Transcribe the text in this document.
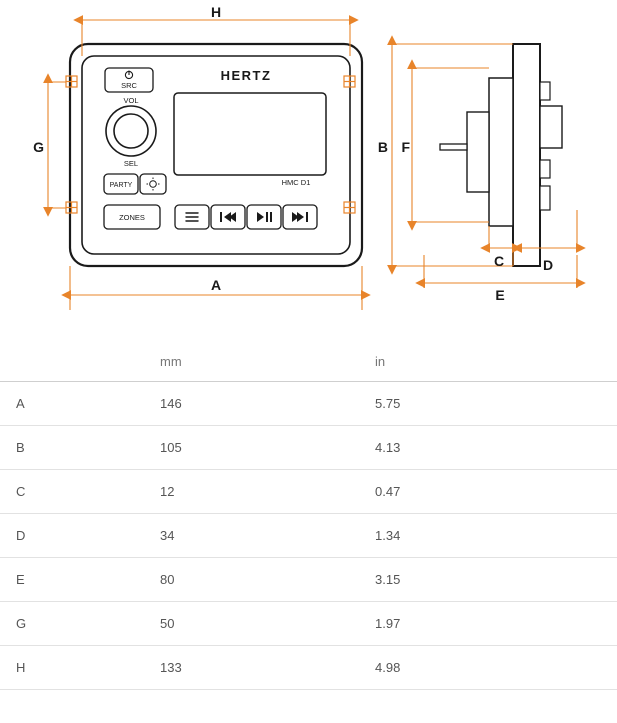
HERTZ
SRC
VOL
SEL
PARTY	HMC D1
ZONES
H
A
G	B F
C	D
E
	mm	in
A	146	5.75
B	105	4.13
C	12	0.47
D	34	1.34
E	80	3.15
G	50	1.97
H	133	4.98
